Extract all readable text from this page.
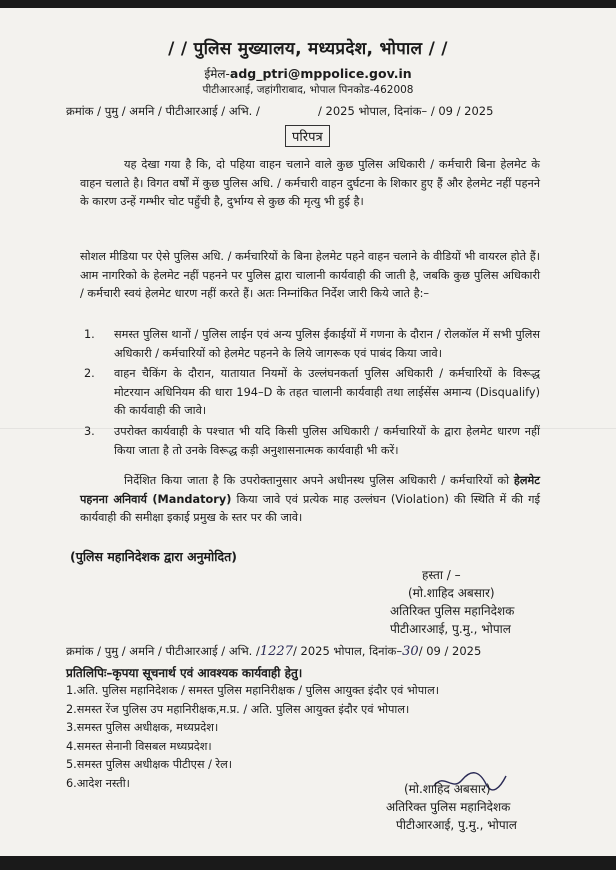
/ / पुलिस मुख्यालय, मध्यप्रदेश, भोपाल / /
ईमेल-adg_ptri@mppolice.gov.in
पीटीआरआई, जहांगीराबाद, भोपाल पिनकोड-462008
क्रमांक / पुमु / अमनि / पीटीआरआई / अभि. /	/ 2025 भोपाल, दिनांक– / 09 / 2025
परिपत्र
यह देखा गया है कि, दो पहिया वाहन चलाने वाले कुछ पुलिस अधिकारी / कर्मचारी बिना हेलमेट के वाहन चलाते है। विगत वर्षों में कुछ पुलिस अधि. / कर्मचारी वाहन दुर्घटना के शिकार हुए हैं और हेलमेट नहीं पहनने के कारण उन्हें गम्भीर चोट पहुँची है, दुर्भाग्य से कुछ की मृत्यु भी हुई है।
सोशल मीडिया पर ऐसे पुलिस अधि. / कर्मचारियों के बिना हेलमेट पहने वाहन चलाने के वीडियों भी वायरल होते हैं। आम नागरिको के हेलमेट नहीं पहनने पर पुलिस द्वारा चालानी कार्यवाही की जाती है, जबकि कुछ पुलिस अधिकारी / कर्मचारी स्वयं हेलमेट धारण नहीं करते हैं। अतः निम्नांकित निर्देश जारी किये जाते है:–
1. समस्त पुलिस थानों / पुलिस लाईन एवं अन्य पुलिस ईकाईयों में गणना के दौरान / रोलकॉल में सभी पुलिस अधिकारी / कर्मचारियों को हेलमेट पहनने के लिये जागरूक एवं पाबंद किया जावे।
2. वाहन चैकिंग के दौरान, यातायात नियमों के उल्लंघनकर्ता पुलिस अधिकारी / कर्मचारियों के विरूद्ध मोटरयान अधिनियम की धारा 194–D के तहत चालानी कार्यवाही तथा लाईसेंस अमान्य (Disqualify) की कार्यवाही की जावे।
3. उपरोक्त कार्यवाही के पश्चात भी यदि किसी पुलिस अधिकारी / कर्मचारियों के द्वारा हेलमेट धारण नहीं किया जाता है तो उनके विरूद्ध कड़ी अनुशासनात्मक कार्यवाही भी करें।
निर्देशित किया जाता है कि उपरोक्तानुसार अपने अधीनस्थ पुलिस अधिकारी / कर्मचारियों को हेलमेट पहनना अनिवार्य (Mandatory) किया जावे एवं प्रत्येक माह उल्लंघन (Violation) की स्थिति में की गई कार्यवाही की समीक्षा इकाई प्रमुख के स्तर पर की जावे।
(पुलिस महानिदेशक द्वारा अनुमोदित)
हस्ता / –
(मो.शाहिद अबसार)
अतिरिक्त पुलिस महानिदेशक
पीटीआरआई, पु.मु., भोपाल
क्रमांक / पुमु / अमनि / पीटीआरआई / अभि. /1227/ 2025 भोपाल, दिनांक–30/ 09 / 2025
प्रतिलिपिः–कृपया सूचनार्थ एवं आवश्यक कार्यवाही हेतु।
1.अति. पुलिस महानिदेशक / समस्त पुलिस महानिरीक्षक / पुलिस आयुक्त इंदौर एवं भोपाल।
2.समस्त रेंज पुलिस उप महानिरीक्षक,म.प्र. / अति. पुलिस आयुक्त इंदौर एवं भोपाल।
3.समस्त पुलिस अधीक्षक, मध्यप्रदेश।
4.समस्त सेनानी विसबल मध्यप्रदेश।
5.समस्त पुलिस अधीक्षक पीटीएस / रेल।
6.आदेश नस्ती।	(मो.शाहिद अबसार)
अतिरिक्त पुलिस महानिदेशक
पीटीआरआई, पु.मु., भोपाल
